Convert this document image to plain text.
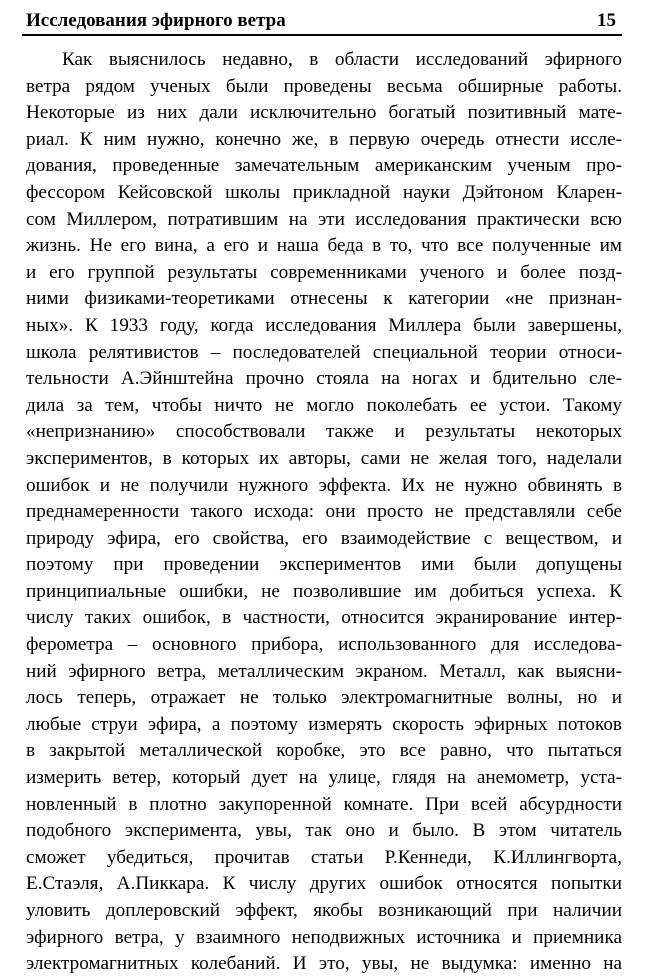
Исследования эфирного ветра	15
Как выяснилось недавно, в области исследований эфирного
ветра рядом ученых были проведены весьма обширные работы.
Некоторые из них дали исключительно богатый позитивный мате-
риал. К ним нужно, конечно же, в первую очередь отнести иссле-
дования, проведенные замечательным американским ученым про-
фессором Кейсовской школы прикладной науки Дэйтоном Кларен-
сом Миллером, потратившим на эти исследования практически всю
жизнь. Не его вина, а его и наша беда в то, что все полученные им
и его группой результаты современниками ученого и более позд-
ними физиками-теоретиками отнесены к категории «не признан-
ных». К 1933 году, когда исследования Миллера были завершены,
школа релятивистов – последователей специальной теории относи-
тельности А.Эйнштейна прочно стояла на ногах и бдительно сле-
дила за тем, чтобы ничто не могло поколебать ее устои. Такому
«непризнанию» способствовали также и результаты некоторых
экспериментов, в которых их авторы, сами не желая того, наделали
ошибок и не получили нужного эффекта. Их не нужно обвинять в
преднамеренности такого исхода: они просто не представляли себе
природу эфира, его свойства, его взаимодействие с веществом, и
поэтому при проведении экспериментов ими были допущены
принципиальные ошибки, не позволившие им добиться успеха. К
числу таких ошибок, в частности, относится экранирование интер-
ферометра – основного прибора, использованного для исследова-
ний эфирного ветра, металлическим экраном. Металл, как выясни-
лось теперь, отражает не только электромагнитные волны, но и
любые струи эфира, а поэтому измерять скорость эфирных потоков
в закрытой металлической коробке, это все равно, что пытаться
измерить ветер, который дует на улице, глядя на анемометр, уста-
новленный в плотно закупоренной комнате. При всей абсурдности
подобного эксперимента, увы, так оно и было. В этом читатель
сможет убедиться, прочитав статьи Р.Кеннеди, К.Иллингворта,
Е.Стаэля, А.Пиккара. К числу других ошибок относятся попытки
уловить доплеровский эффект, якобы возникающий при наличии
эфирного ветра, у взаимного неподвижных источника и приемника
электромагнитных колебаний. И это, увы, не выдумка: именно на
